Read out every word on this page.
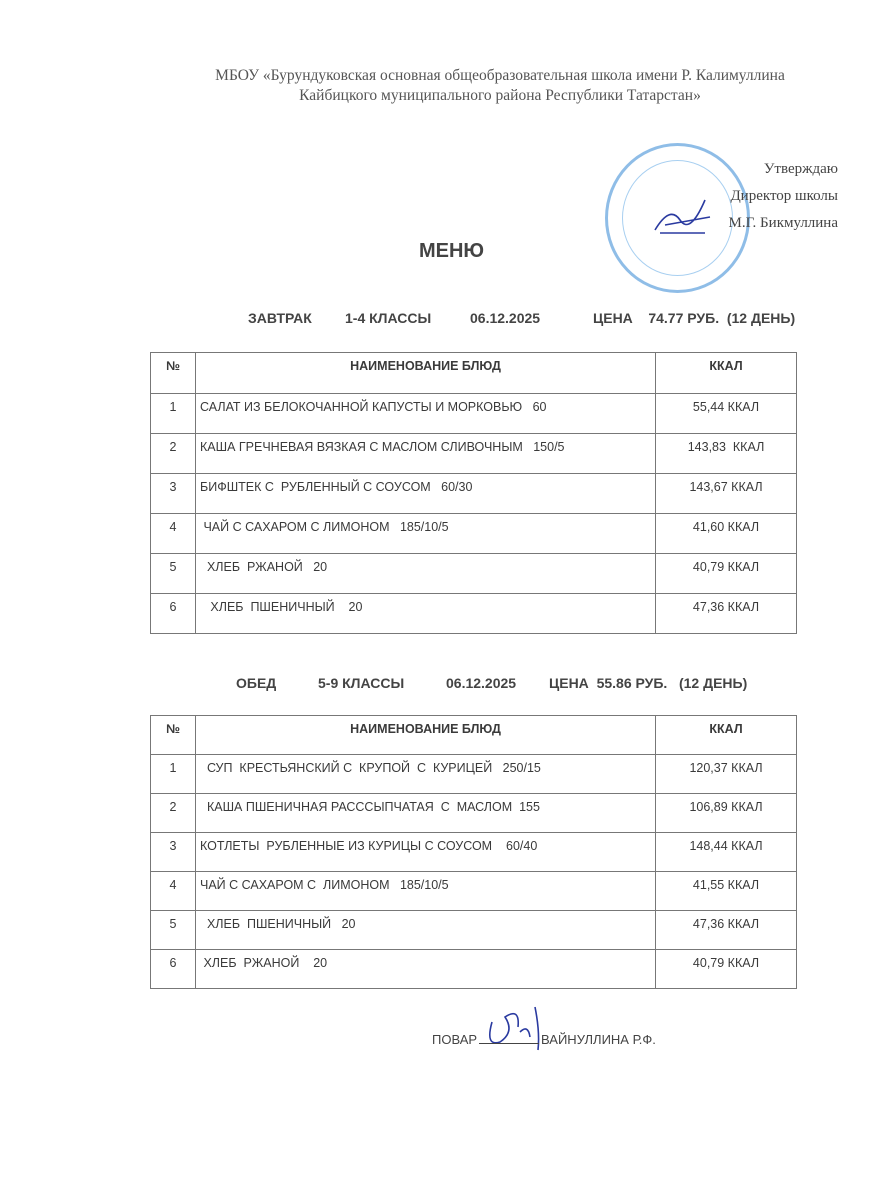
МБОУ «Бурундуковская основная общеобразовательная школа имени Р. Калимуллина
Кайбицкого муниципального района Республики Татарстан»
Утверждаю
Директор школы
М.Г. Бикмуллина
МЕНЮ
ЗАВТРАК 1-4 КЛАССЫ	06.12.2025	ЦЕНА    74.77 РУБ.  (12 ДЕНЬ)
№	НАИМЕНОВАНИЕ БЛЮД	ККАЛ
1	САЛАТ ИЗ БЕЛОКОЧАННОЙ КАПУСТЫ И МОРКОВЬЮ   60	55,44 ККАЛ
2	КАША ГРЕЧНЕВАЯ ВЯЗКАЯ С МАСЛОМ СЛИВОЧНЫМ   150/5	143,83  ККАЛ
3	БИФШТЕК С  РУБЛЕННЫЙ С СОУСОМ   60/30	143,67 ККАЛ
4	ЧАЙ С САХАРОМ С ЛИМОНОМ   185/10/5	41,60 ККАЛ
5	ХЛЕБ  РЖАНОЙ   20	40,79 ККАЛ
6	ХЛЕБ  ПШЕНИЧНЫЙ    20	47,36 ККАЛ
ОБЕД	5-9 КЛАССЫ	06.12.2025 ЦЕНА  55.86 РУБ.   (12 ДЕНЬ)
№	НАИМЕНОВАНИЕ БЛЮД	ККАЛ
1	СУП  КРЕСТЬЯНСКИЙ С  КРУПОЙ  С  КУРИЦЕЙ   250/15	120,37 ККАЛ
2	КАША ПШЕНИЧНАЯ РАСССЫПЧАТАЯ  С  МАСЛОМ  155	106,89 ККАЛ
3	КОТЛЕТЫ  РУБЛЕННЫЕ ИЗ КУРИЦЫ С СОУСОМ    60/40	148,44 ККАЛ
4	ЧАЙ С САХАРОМ С  ЛИМОНОМ   185/10/5	41,55 ККАЛ
5	ХЛЕБ  ПШЕНИЧНЫЙ   20	47,36 ККАЛ
6	ХЛЕБ  РЖАНОЙ    20	40,79 ККАЛ
ПОВАР	ВАЙНУЛЛИНА Р.Ф.
